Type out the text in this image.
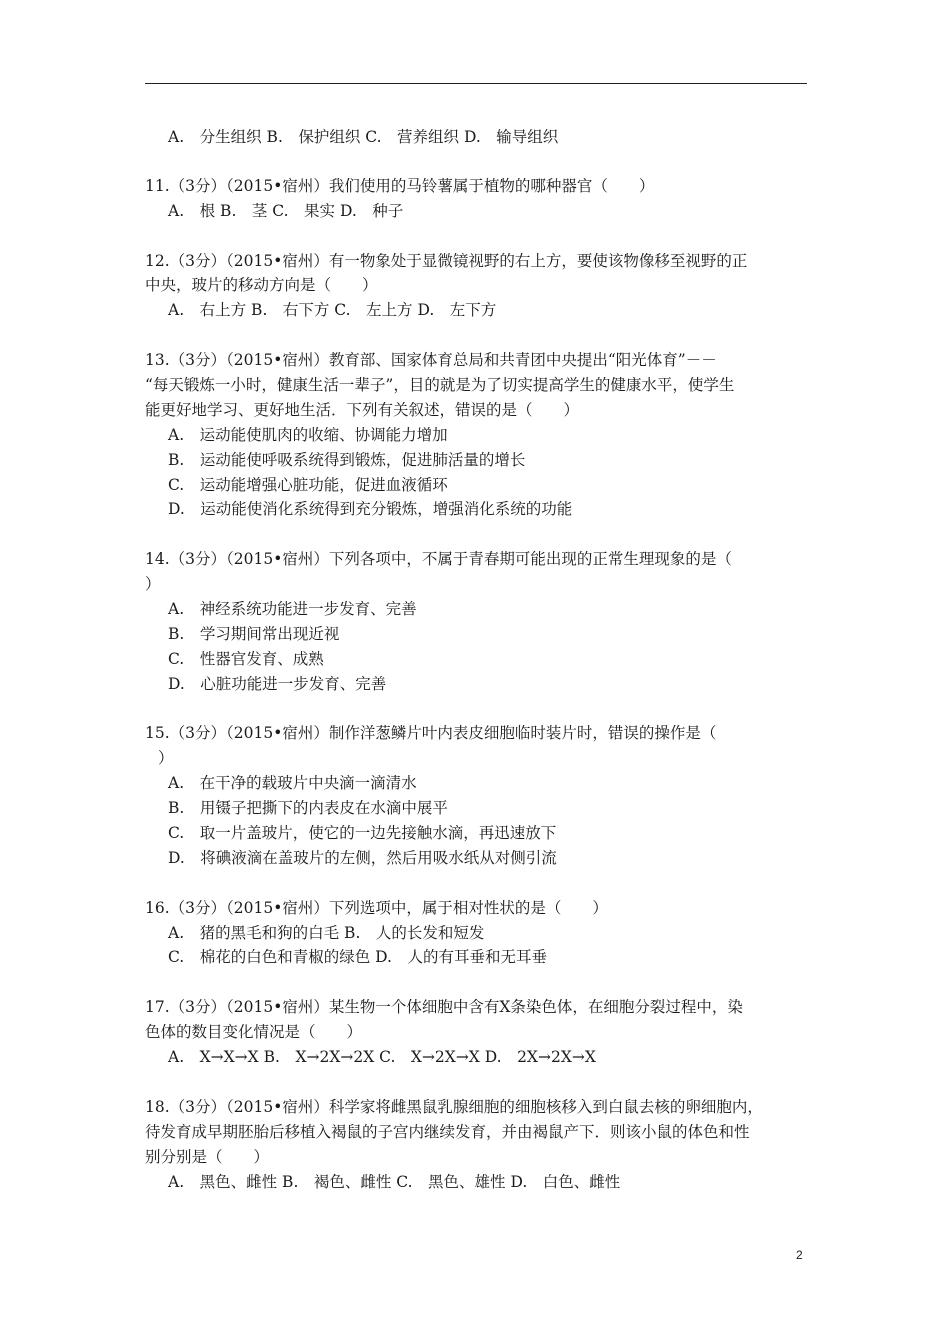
A.　分生组织 B.　保护组织 C.　营养组织 D.　输导组织
11.（3分）（2015•宿州）我们使用的马铃薯属于植物的哪种器官（　　）
A.　根 B.　茎 C.　果实 D.　种子
12.（3分）（2015•宿州）有一物象处于显微镜视野的右上方，要使该物像移至视野的正
中央，玻片的移动方向是（　　）
A.　右上方 B.　右下方 C.　左上方 D.　左下方
13.（3分）（2015•宿州）教育部、国家体育总局和共青团中央提出“阳光体育”－－
“每天锻炼一小时，健康生活一辈子”，目的就是为了切实提高学生的健康水平，使学生
能更好地学习、更好地生活．下列有关叙述，错误的是（　　）
A.　运动能使肌肉的收缩、协调能力增加
B.　运动能使呼吸系统得到锻炼，促进肺活量的增长
C.　运动能增强心脏功能，促进血液循环
D.　运动能使消化系统得到充分锻炼，增强消化系统的功能
14.（3分）（2015•宿州）下列各项中，不属于青春期可能出现的正常生理现象的是（
）
A.　神经系统功能进一步发育、完善
B.　学习期间常出现近视
C.　性器官发育、成熟
D.　心脏功能进一步发育、完善
15.（3分）（2015•宿州）制作洋葱鳞片叶内表皮细胞临时装片时，错误的操作是（
）
A.　在干净的载玻片中央滴一滴清水
B.　用镊子把撕下的内表皮在水滴中展平
C.　取一片盖玻片，使它的一边先接触水滴，再迅速放下
D.　将碘液滴在盖玻片的左侧，然后用吸水纸从对侧引流
16.（3分）（2015•宿州）下列选项中，属于相对性状的是（　　）
A.　猪的黑毛和狗的白毛 B.　人的长发和短发
C.　棉花的白色和青椒的绿色 D.　人的有耳垂和无耳垂
17.（3分）（2015•宿州）某生物一个体细胞中含有X条染色体，在细胞分裂过程中，染
色体的数目变化情况是（　　）
A.　X→X→X B.　X→2X→2X C.　X→2X→X D.　2X→2X→X
18.（3分）（2015•宿州）科学家将雌黑鼠乳腺细胞的细胞核移入到白鼠去核的卵细胞内，
待发育成早期胚胎后移植入褐鼠的子宫内继续发育，并由褐鼠产下．则该小鼠的体色和性
别分别是（　　）
A.　黑色、雌性 B.　褐色、雌性 C.　黑色、雄性 D.　白色、雌性
2
